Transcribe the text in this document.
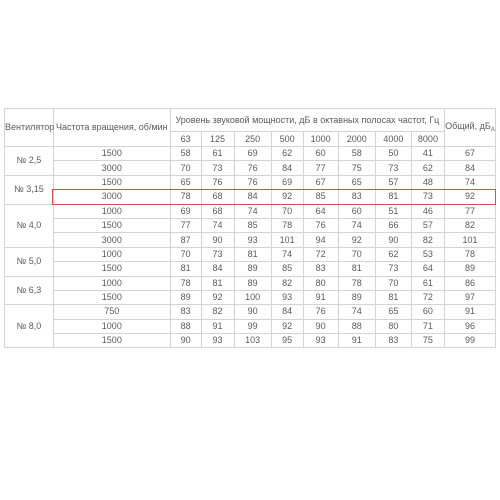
Вентилятор	Частота вращения, об/мин	Уровень звуковой мощности, дБ в октавных полосах частот, Гц								Общий, $дБ_А$
		63	125	250	500	1000	2000	4000	8000	
№ 2,5	1500	58	61	69	62	60	58	50	41	67
	3000	70	73	76	84	77	75	73	62	84
№ 3,15	1500	65	76	76	69	67	65	57	48	74
	3000	78	68	84	92	85	83	81	73	92
№ 4,0	1000	69	68	74	70	64	60	51	46	77
	1500	77	74	85	78	76	74	66	57	82
	3000	87	90	93	101	94	92	90	82	101
№ 5,0	1000	70	73	81	74	72	70	62	53	78
	1500	81	84	89	85	83	81	73	64	89
№ 6,3	1000	78	81	89	82	80	78	70	61	86
	1500	89	92	100	93	91	89	81	72	97
№ 8,0	750	83	82	90	84	76	74	65	60	91
	1000	88	91	99	92	90	88	80	71	96
	1500	90	93	103	95	93	91	83	75	99
